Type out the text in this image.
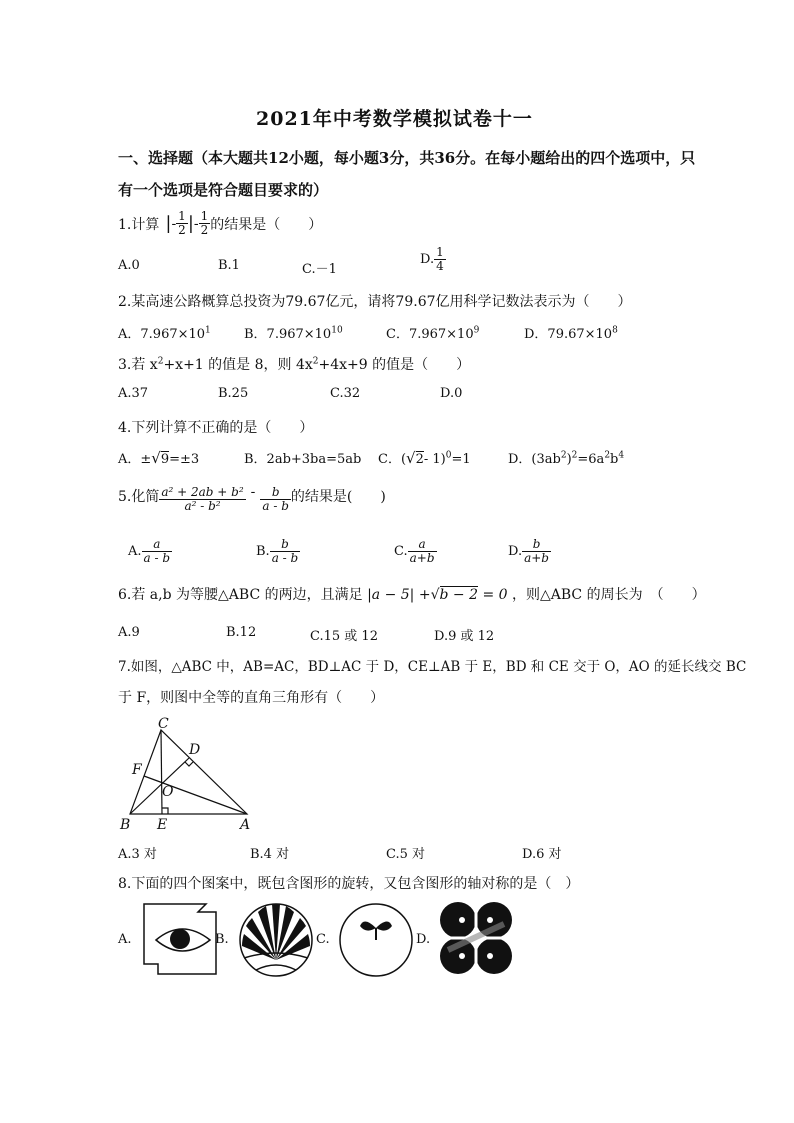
2021年中考数学模拟试卷十一
一、选择题（本大题共12小题，每小题3分，共36分。在每小题给出的四个选项中，只
有一个选项是符合题目要求的）
1.计算 | - $\frac{1}{2}$ | - $\frac{1}{2}$ 的结果是（　　）
A.0	B.1	C.－1
D. $\frac{1}{4}$
2.某高速公路概算总投资为79.67亿元，请将79.67亿用科学记数法表示为（　　）
A．$7.967\times 10^1$	B．$7.967\times 10^{10}$	C．$7.967\times 10^9$	D．$79.67\times 10^8$
3.若 $x^2+x+1$ 的值是 8，则 $4x^2+4x+9$ 的值是（　　）
A.37	B.25	C.32	D.0
4.下列计算不正确的是（　　）
A．±√9=±3	B．2ab+3ba=5ab C．(√2- 1)$^0$=1	D．$(3ab^2)^2=6a^2b^4$
5.化简 $\frac{\text{a² + 2ab + b²}}{\text{a² - b²}} - \frac{b}{a - b}$ 的结果是(　　)
A. $\frac{a}{a - b}$	B. $\frac{b}{a - b}$	C. $\frac{a}{a+b}$	D. $\frac{b}{a+b}$
6.若 a,b 为等腰△ABC 的两边，且满足 |a − 5| +√b − 2 = 0 ，则△ABC 的周长为　（　　）
A.9	B.12	C.15 或 12	D.9 或 12
7.如图，△ABC 中，AB=AC，BD⊥AC 于 D，CE⊥AB 于 E，BD 和 CE 交于 O，AO 的延长线交 BC
于 F，则图中全等的直角三角形有（　　）
C
D
F
O
B E	A
A.3 对	B.4 对	C.5 对	D.6 对
8.下面的四个图案中，既包含图形的旋转，又包含图形的轴对称的是（　）
A.	B.	C.	D.
